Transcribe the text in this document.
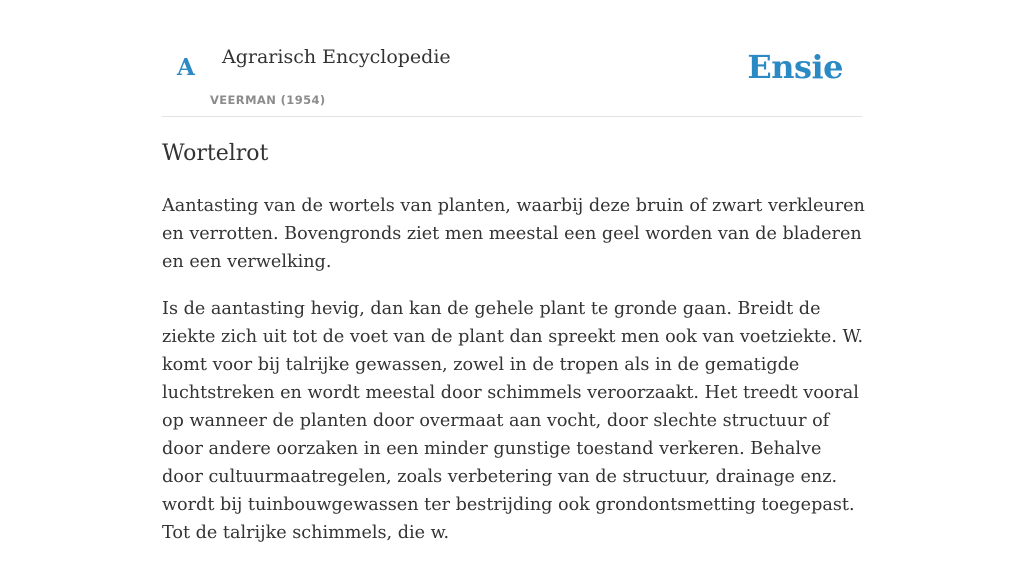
A Agrarisch Encyclopedie
VEERMAN (1954)
Ensie
Wortelrot

Aantasting van de wortels van planten, waarbij deze bruin of zwart verkleuren en verrotten. Bovengronds ziet men meestal een geel worden van de bladeren en een verwelking.

Is de aantasting hevig, dan kan de gehele plant te gronde gaan. Breidt de ziekte zich uit tot de voet van de plant dan spreekt men ook van voetziekte. W. komt voor bij talrijke gewassen, zowel in de tropen als in de gematigde luchtstreken en wordt meestal door schimmels veroorzaakt. Het treedt vooral op wanneer de planten door overmaat aan vocht, door slechte structuur of door andere oorzaken in een minder gunstige toestand verkeren. Behalve door cultuurmaatregelen, zoals verbetering van de structuur, drainage enz. wordt bij tuinbouwgewassen ter bestrijding ook grondontsmetting toegepast. Tot de talrijke schimmels, die w.
